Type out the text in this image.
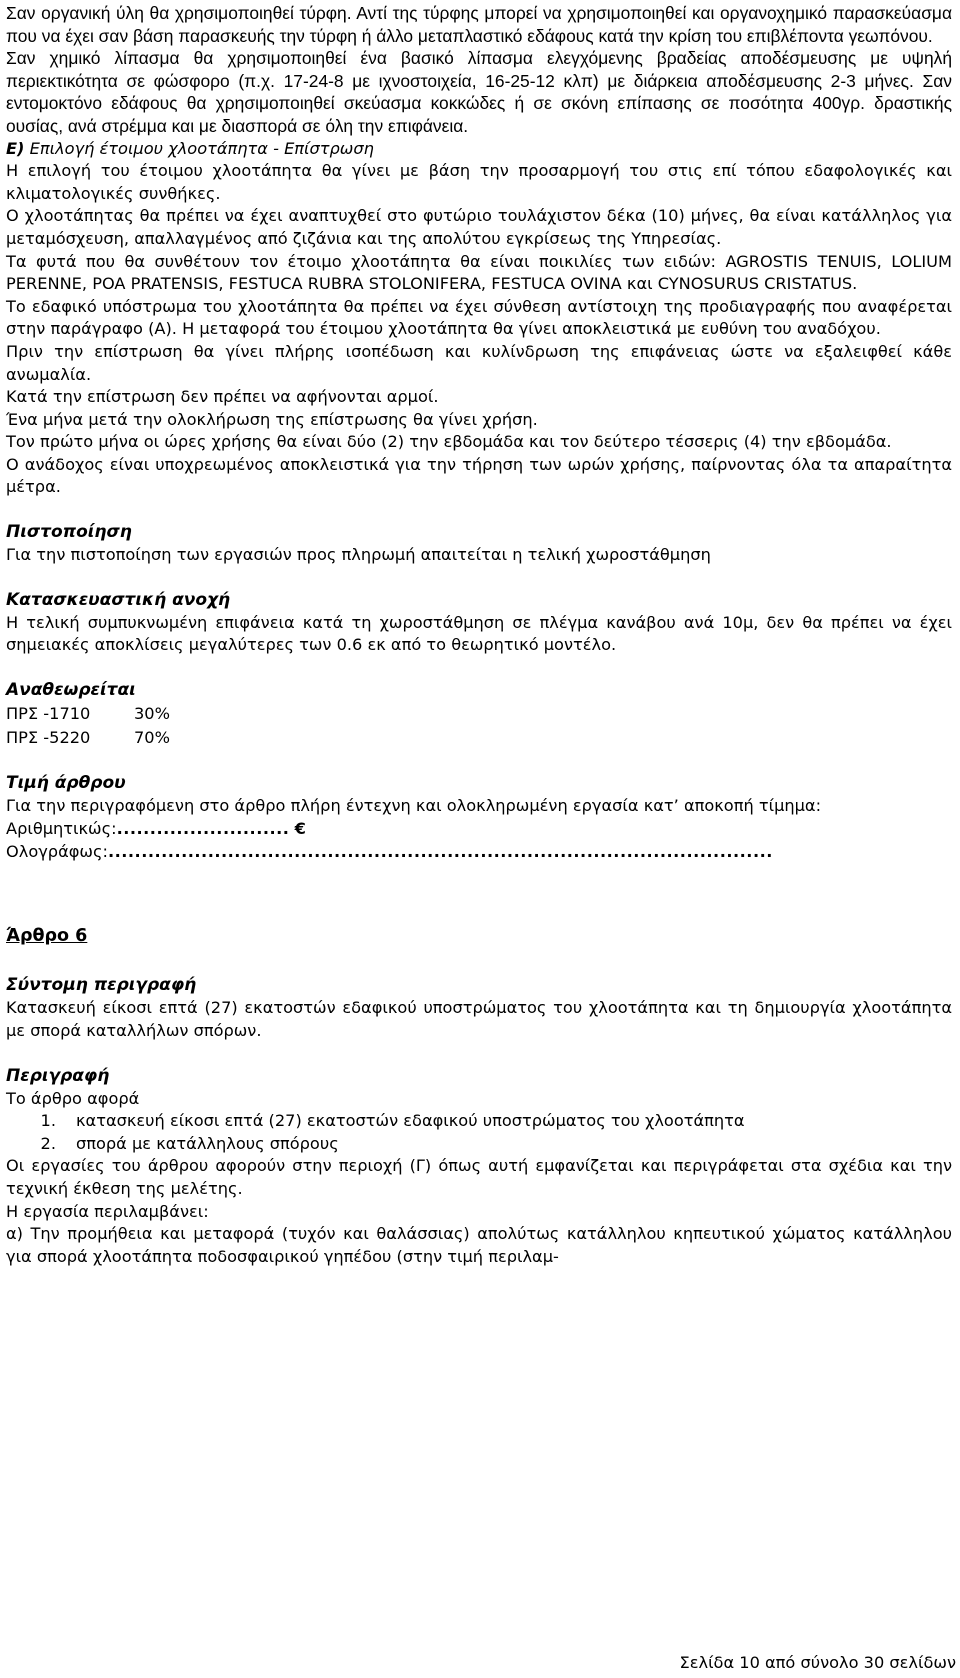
Σαν οργανική ύλη θα χρησιμοποιηθεί τύρφη. Αντί της τύρφης μπορεί να χρησιμοποιηθεί και οργανοχημικό παρασκεύασμα που να έχει σαν βάση παρασκευής την τύρφη ή άλλο μεταπλαστικό εδάφους κατά την κρίση του επιβλέποντα γεωπόνου.

Σαν χημικό λίπασμα θα χρησιμοποιηθεί ένα βασικό λίπασμα ελεγχόμενης βραδείας αποδέσμευσης με υψηλή περιεκτικότητα σε φώσφορο (π.χ. 17-24-8 με ιχνοστοιχεία, 16-25-12 κλπ) με διάρκεια αποδέσμευσης 2-3 μήνες. Σαν εντομοκτόνο εδάφους θα χρησιμοποιηθεί σκεύασμα κοκκώδες ή σε σκόνη επίπασης σε ποσότητα 400γρ. δραστικής ουσίας, ανά στρέμμα και με διασπορά σε όλη την επιφάνεια.

Ε) Επιλογή έτοιμου χλοοτάπητα - Επίστρωση

Η επιλογή του έτοιμου χλοοτάπητα θα γίνει με βάση την προσαρμογή του στις επί τόπου εδαφολογικές και κλιματολογικές συνθήκες.

Ο χλοοτάπητας θα πρέπει να έχει αναπτυχθεί στο φυτώριο τουλάχιστον δέκα (10) μήνες, θα είναι κατάλληλος για μεταμόσχευση, απαλλαγμένος από ζιζάνια και της απολύτου εγκρίσεως της Υπηρεσίας.

Τα φυτά που θα συνθέτουν τον έτοιμο χλοοτάπητα θα είναι ποικιλίες των ειδών: AGROSTIS TENUIS, LOLIUM PERENNE, POA PRATENSIS, FESTUCA RUBRA STOLONIFERA, FESTUCA OVINA και CYNOSURUS CRISTATUS.

Το εδαφικό υπόστρωμα του χλοοτάπητα θα πρέπει να έχει σύνθεση αντίστοιχη της προδιαγραφής που αναφέρεται στην παράγραφο (Α). Η μεταφορά του έτοιμου χλοοτάπητα θα γίνει αποκλειστικά με ευθύνη του αναδόχου.

Πριν την επίστρωση θα γίνει πλήρης ισοπέδωση και κυλίνδρωση της επιφάνειας ώστε να εξαλειφθεί κάθε ανωμαλία.

Κατά την επίστρωση δεν πρέπει να αφήνονται αρμοί.

Ένα μήνα μετά την ολοκλήρωση της επίστρωσης θα γίνει χρήση.

Τον πρώτο μήνα οι ώρες χρήσης θα είναι δύο (2) την εβδομάδα και τον δεύτερο τέσσερις (4) την εβδομάδα.

Ο ανάδοχος είναι υποχρεωμένος αποκλειστικά για την τήρηση των ωρών χρήσης, παίρνοντας όλα τα απαραίτητα μέτρα.

Πιστοποίηση

Για την πιστοποίηση των εργασιών προς πληρωμή απαιτείται η τελική χωροστάθμηση

Κατασκευαστική ανοχή

Η τελική συμπυκνωμένη επιφάνεια κατά τη χωροστάθμηση σε πλέγμα κανάβου ανά 10μ, δεν θα πρέπει να έχει σημειακές αποκλίσεις μεγαλύτερες των 0.6 εκ από το θεωρητικό μοντέλο.

Αναθεωρείται

ΠΡΣ -1710	30%
ΠΡΣ -5220	70%

Τιμή άρθρου

Για την περιγραφόμενη στο άρθρο πλήρη έντεχνη και ολοκληρωμένη εργασία κατ’ αποκοπή τίμημα:

Αριθμητικώς:.......................... €

Ολογράφως:....................................................................................................

Άρθρο 6

Σύντομη περιγραφή

Κατασκευή είκοσι επτά (27) εκατοστών εδαφικού υποστρώματος του χλοοτάπητα και τη δημιουργία χλοοτάπητα με σπορά καταλλήλων σπόρων.

Περιγραφή

Το άρθρο αφορά

1.	κατασκευή είκοσι επτά (27) εκατοστών εδαφικού υποστρώματος του χλοοτάπητα
2.	σπορά με κατάλληλους σπόρους

Οι εργασίες του άρθρου αφορούν στην περιοχή (Γ) όπως αυτή εμφανίζεται και περιγράφεται στα σχέδια και την τεχνική έκθεση της μελέτης.

Η εργασία περιλαμβάνει:

α) Την προμήθεια και μεταφορά (τυχόν και θαλάσσιας) απολύτως κατάλληλου κηπευτικού χώματος κατάλληλου για σπορά χλοοτάπητα ποδοσφαιρικού γηπέδου (στην τιμή περιλαμ-

Σελίδα 10 από σύνολο 30 σελίδων
